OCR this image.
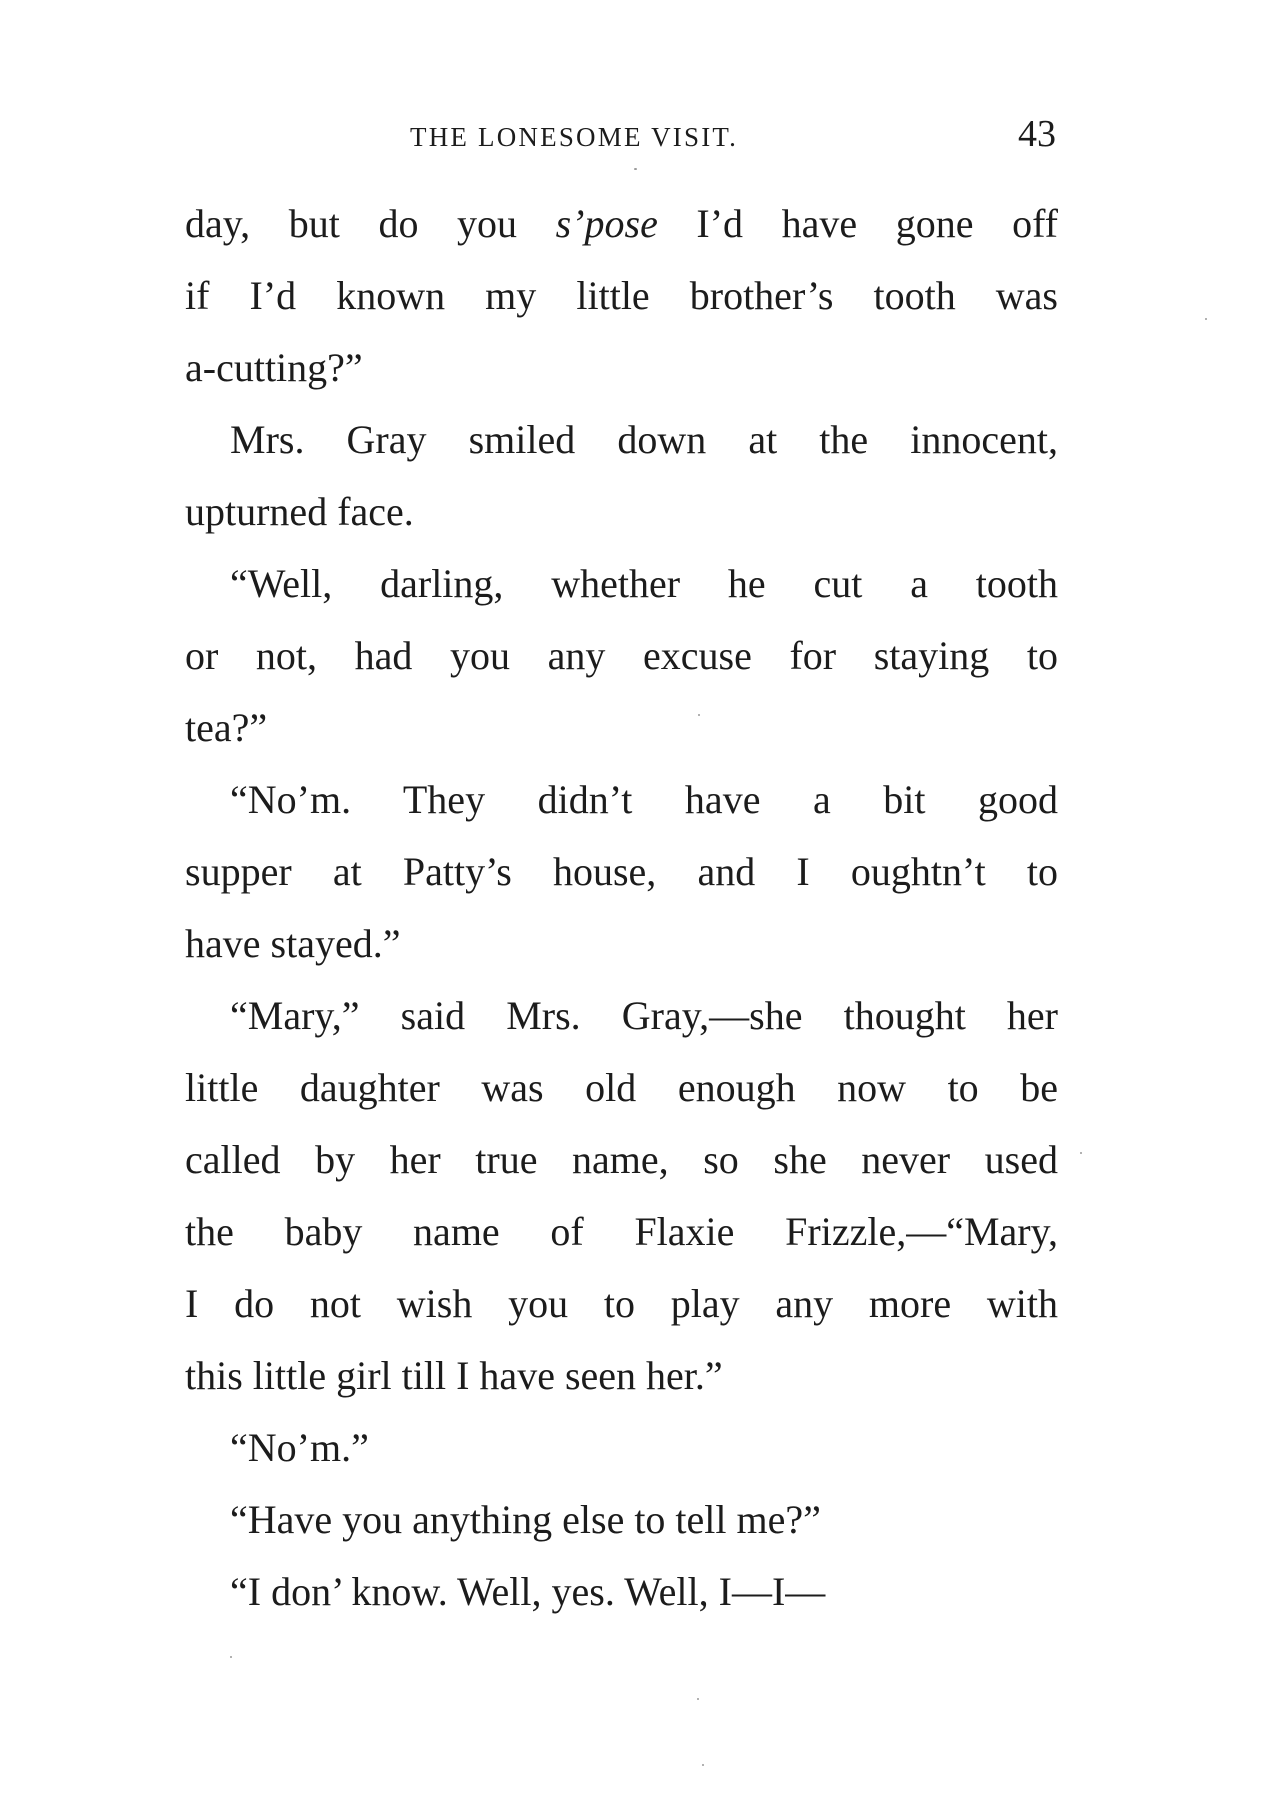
THE LONESOME VISIT.	43
day, but do you s’pose I’d have gone off
if I’d known my little brother’s tooth was
a-cutting?”
Mrs. Gray smiled down at the innocent,
upturned face.
“Well, darling, whether he cut a tooth
or not, had you any excuse for staying to
tea?”
“No’m. They didn’t have a bit good
supper at Patty’s house, and I oughtn’t to
have stayed.”
“Mary,” said Mrs. Gray,—she thought her
little daughter was old enough now to be
called by her true name, so she never used
the baby name of Flaxie Frizzle,—“Mary,
I do not wish you to play any more with
this little girl till I have seen her.”
“No’m.”
“Have you anything else to tell me?”
“I don’ know. Well, yes. Well, I—I—
